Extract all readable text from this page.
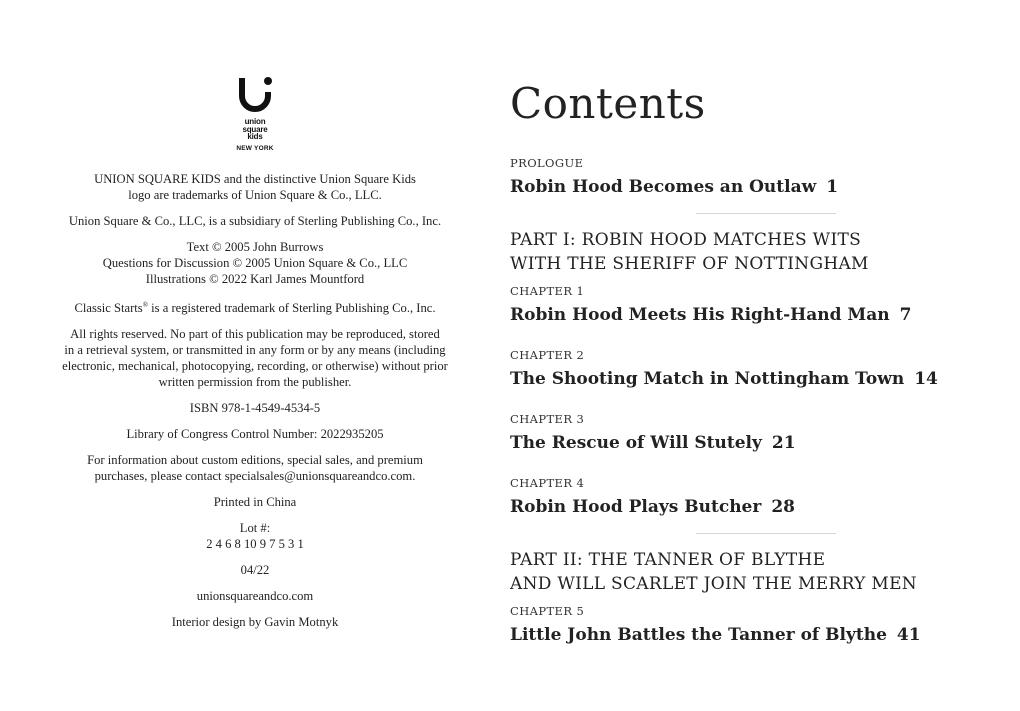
union
square
kids
NEW YORK

UNION SQUARE KIDS and the distinctive Union Square Kids
logo are trademarks of Union Square & Co., LLC.

Union Square & Co., LLC, is a subsidiary of Sterling Publishing Co., Inc.

Text © 2005 John Burrows
Questions for Discussion © 2005 Union Square & Co., LLC
Illustrations © 2022 Karl James Mountford

Classic Starts® is a registered trademark of Sterling Publishing Co., Inc.

All rights reserved. No part of this publication may be reproduced, stored
in a retrieval system, or transmitted in any form or by any means (including
electronic, mechanical, photocopying, recording, or otherwise) without prior
written permission from the publisher.

ISBN 978-1-4549-4534-5

Library of Congress Control Number: 2022935205

For information about custom editions, special sales, and premium
purchases, please contact specialsales@unionsquareandco.com.

Printed in China

Lot #:
2 4 6 8 10 9 7 5 3 1

04/22

unionsquareandco.com

Interior design by Gavin Motnyk

Contents
PROLOGUE
Robin Hood Becomes an Outlaw 1
PART I: ROBIN HOOD MATCHES WITS
WITH THE SHERIFF OF NOTTINGHAM
CHAPTER 1
Robin Hood Meets His Right-Hand Man 7
CHAPTER 2
The Shooting Match in Nottingham Town 14
CHAPTER 3
The Rescue of Will Stutely 21
CHAPTER 4
Robin Hood Plays Butcher 28
PART II: THE TANNER OF BLYTHE
AND WILL SCARLET JOIN THE MERRY MEN
CHAPTER 5
Little John Battles the Tanner of Blythe 41
